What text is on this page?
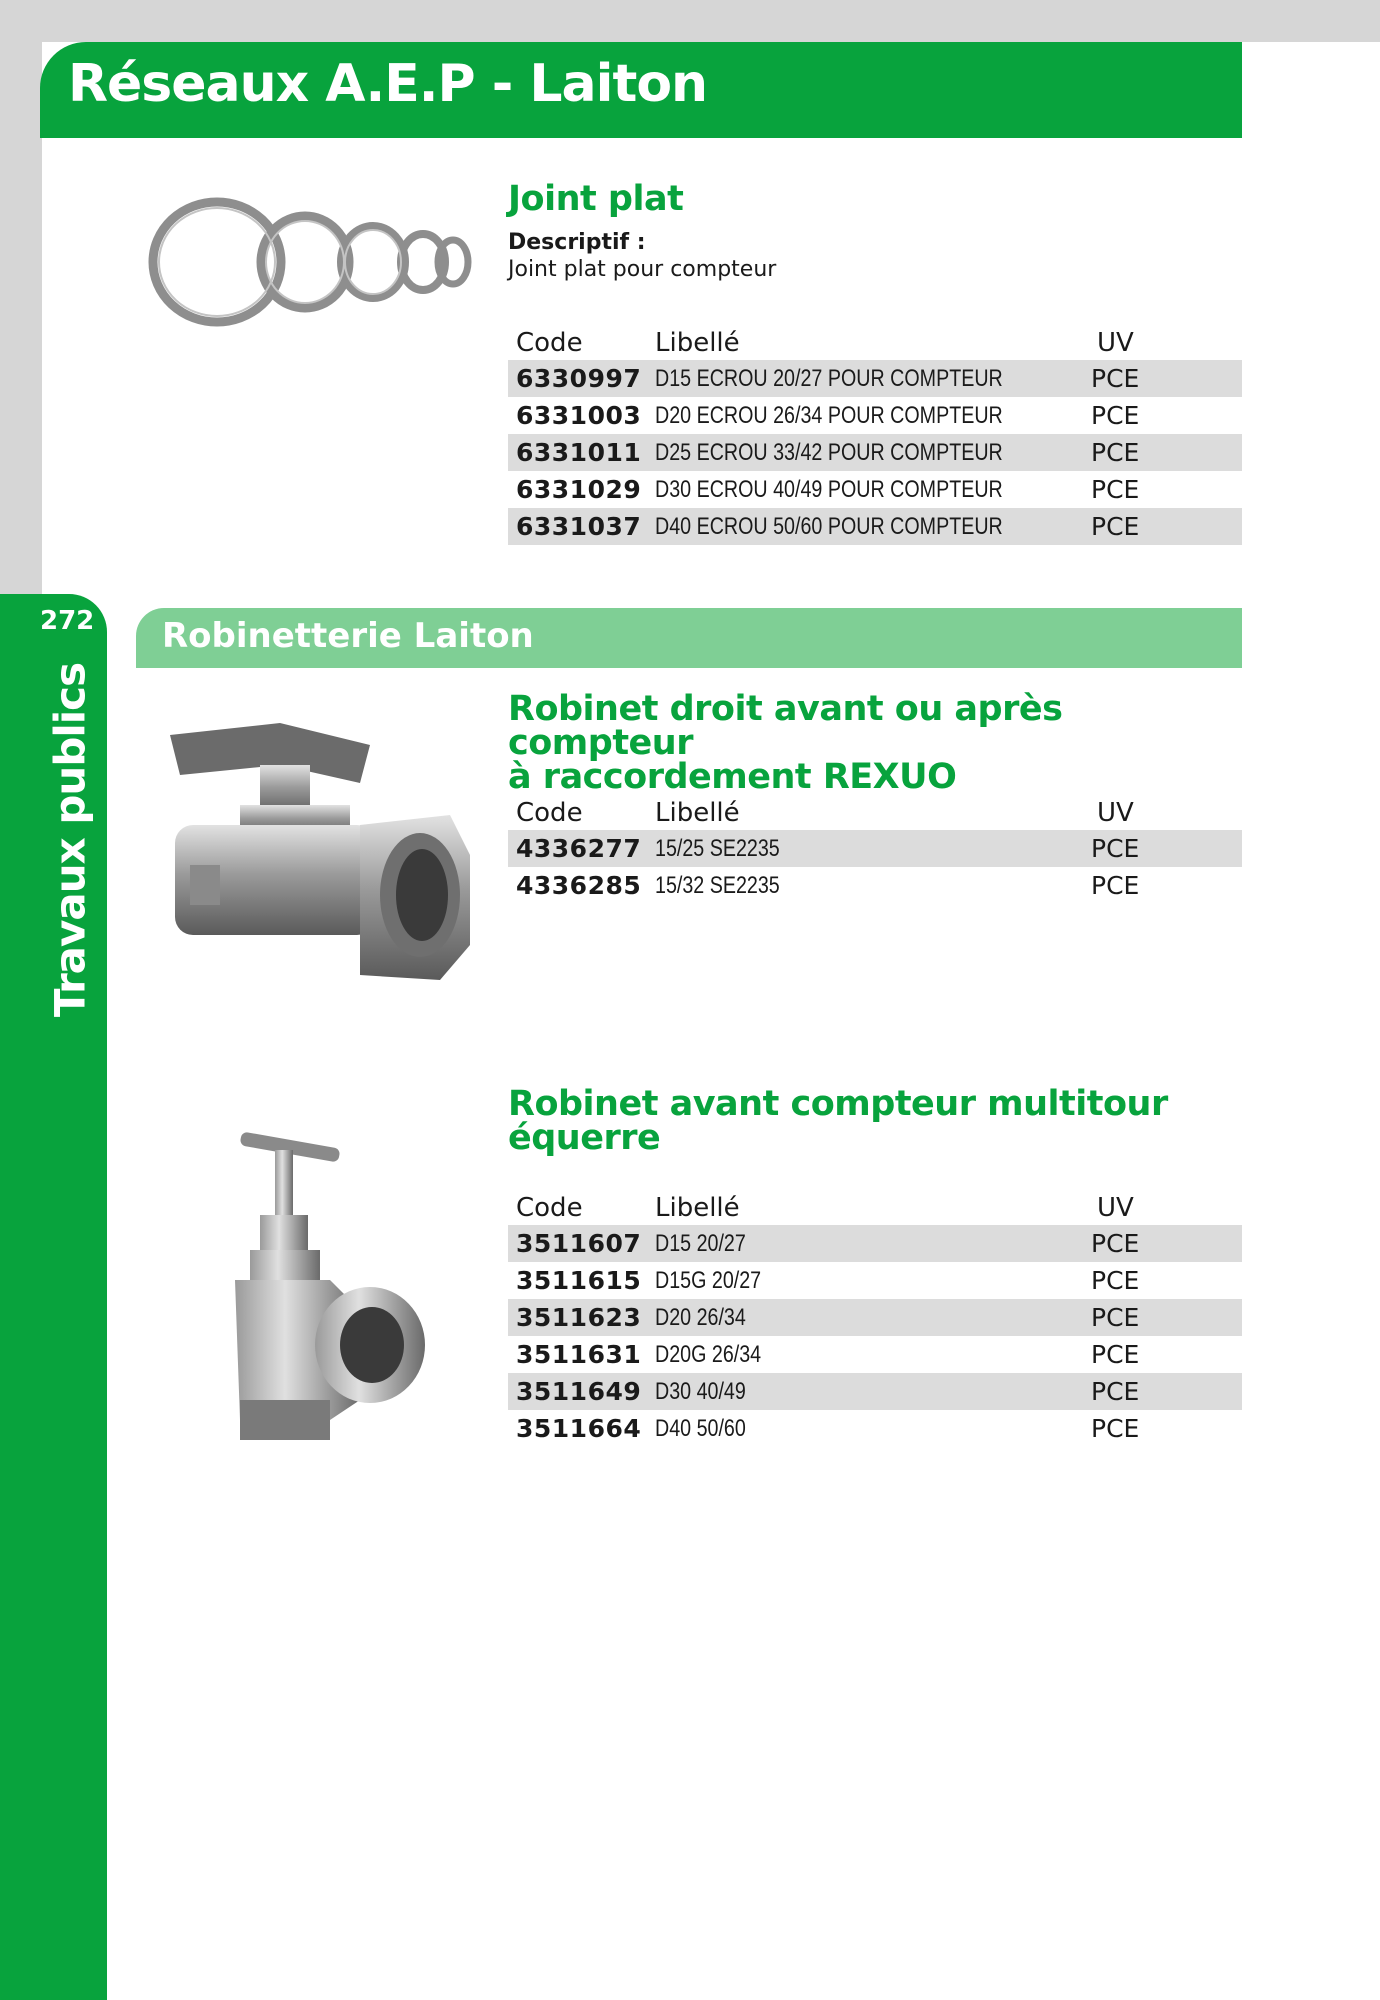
272
Travaux publics
Réseaux A.E.P - Laiton
Robinetterie Laiton
Joint plat
Descriptif :
Joint plat pour compteur
Code	Libellé	UV
6330997 D15 ECROU 20/27 POUR COMPTEUR	PCE
6331003 D20 ECROU 26/34 POUR COMPTEUR	PCE
6331011 D25 ECROU 33/42 POUR COMPTEUR	PCE
6331029 D30 ECROU 40/49 POUR COMPTEUR	PCE
6331037 D40 ECROU 50/60 POUR COMPTEUR	PCE
Robinet droit avant ou après compteur
à raccordement REXUO
Code	Libellé	UV
4336277 15/25 SE2235	PCE
4336285 15/32 SE2235	PCE
Robinet avant compteur multitour
équerre
Code	Libellé	UV
3511607 D15 20/27	PCE
3511615 D15G 20/27	PCE
3511623 D20 26/34	PCE
3511631 D20G 26/34	PCE
3511649 D30 40/49	PCE
3511664 D40 50/60	PCE
